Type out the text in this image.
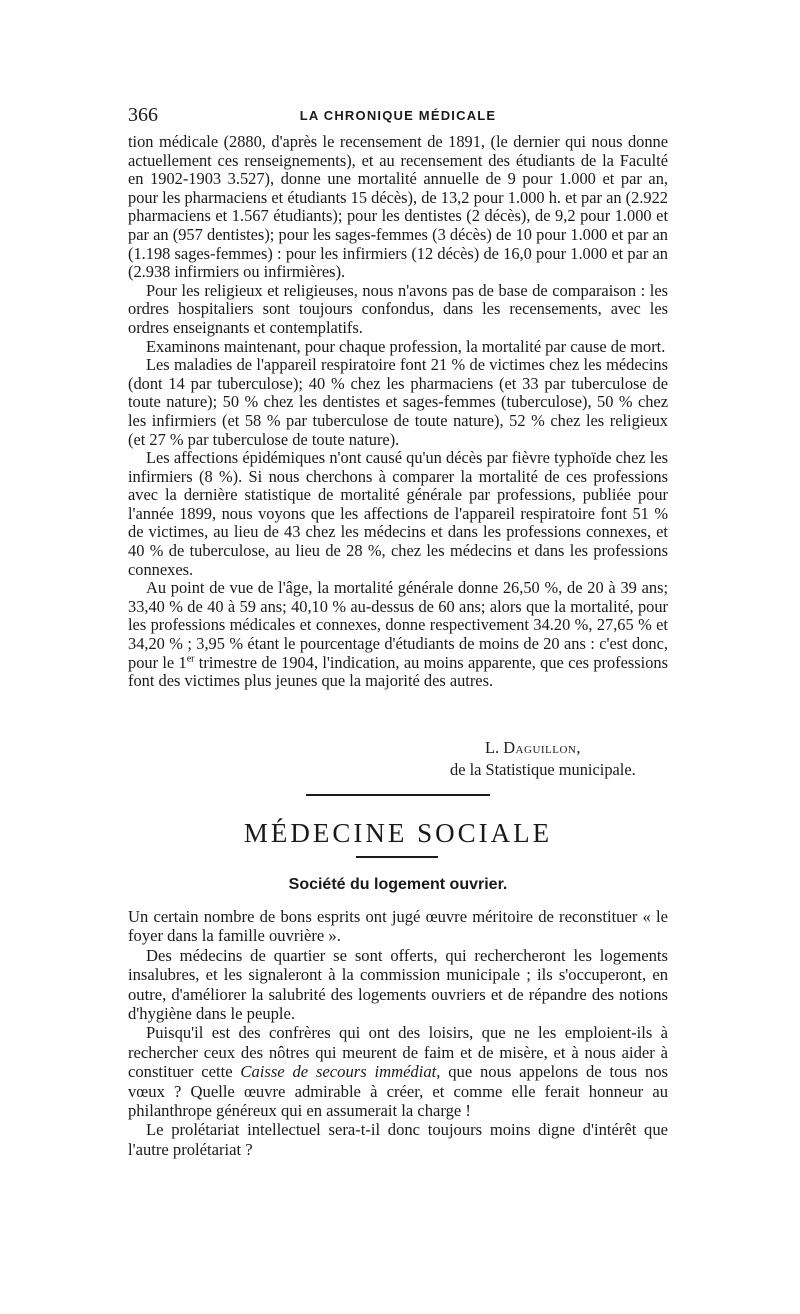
366	LA CHRONIQUE MÉDICALE

tion médicale (2880, d'après le recensement de 1891, (le dernier qui nous donne actuellement ces renseignements), et au recensement des étudiants de la Faculté en 1902-1903 3.527), donne une mortalité annuelle de 9 pour 1.000 et par an, pour les pharmaciens et étudiants 15 décès), de 13,2 pour 1.000 h. et par an (2.922 pharmaciens et 1.567 étudiants); pour les dentistes (2 décès), de 9,2 pour 1.000 et par an (957 dentistes); pour les sages-femmes (3 décès) de 10 pour 1.000 et par an (1.198 sages-femmes) : pour les infirmiers (12 décès) de 16,0 pour 1.000 et par an (2.938 infirmiers ou infirmières).

Pour les religieux et religieuses, nous n'avons pas de base de comparaison : les ordres hospitaliers sont toujours confondus, dans les recensements, avec les ordres enseignants et contemplatifs.

Examinons maintenant, pour chaque profession, la mortalité par cause de mort.

Les maladies de l'appareil respiratoire font 21 % de victimes chez les médecins (dont 14 par tuberculose); 40 % chez les pharmaciens (et 33 par tuberculose de toute nature); 50 % chez les dentistes et sages-femmes (tuberculose), 50 % chez les infirmiers (et 58 % par tuberculose de toute nature), 52 % chez les religieux (et 27 % par tuberculose de toute nature).

Les affections épidémiques n'ont causé qu'un décès par fièvre typhoïde chez les infirmiers (8 %). Si nous cherchons à comparer la mortalité de ces professions avec la dernière statistique de mortalité générale par professions, publiée pour l'année 1899, nous voyons que les affections de l'appareil respiratoire font 51 % de victimes, au lieu de 43 chez les médecins et dans les professions connexes, et 40 % de tuberculose, au lieu de 28 %, chez les médecins et dans les professions connexes.

Au point de vue de l'âge, la mortalité générale donne 26,50 %, de 20 à 39 ans; 33,40 % de 40 à 59 ans; 40,10 % au-dessus de 60 ans; alors que la mortalité, pour les professions médicales et connexes, donne respectivement 34.20 %, 27,65 % et 34,20 % ; 3,95 % étant le pourcentage d'étudiants de moins de 20 ans : c'est donc, pour le 1er trimestre de 1904, l'indication, au moins apparente, que ces professions font des victimes plus jeunes que la majorité des autres.

L. Daguillon,
de la Statistique municipale.
MÉDECINE SOCIALE
Société du logement ouvrier.

Un certain nombre de bons esprits ont jugé œuvre méritoire de reconstituer « le foyer dans la famille ouvrière ».

Des médecins de quartier se sont offerts, qui rechercheront les logements insalubres, et les signaleront à la commission municipale ; ils s'occuperont, en outre, d'améliorer la salubrité des logements ouvriers et de répandre des notions d'hygiène dans le peuple.

Puisqu'il est des confrères qui ont des loisirs, que ne les emploient-ils à rechercher ceux des nôtres qui meurent de faim et de misère, et à nous aider à constituer cette Caisse de secours immédiat, que nous appelons de tous nos vœux ? Quelle œuvre admirable à créer, et comme elle ferait honneur au philanthrope généreux qui en assumerait la charge !

Le prolétariat intellectuel sera-t-il donc toujours moins digne d'intérêt que l'autre prolétariat ?
